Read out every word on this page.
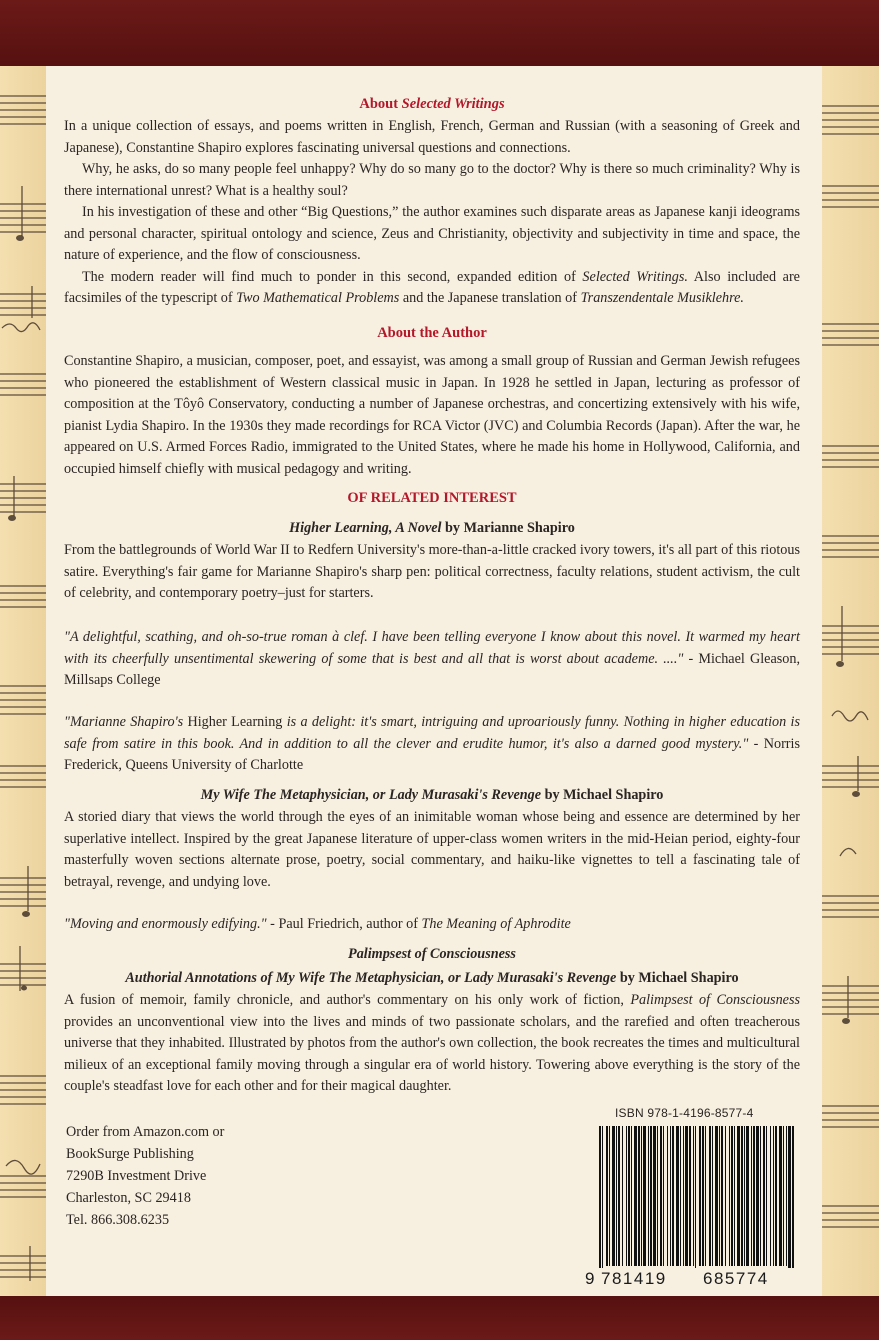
About Selected Writings

In a unique collection of essays, and poems written in English, French, German and Russian (with a seasoning of Greek and Japanese), Constantine Shapiro explores fascinating universal questions and connections.

Why, he asks, do so many people feel unhappy? Why do so many go to the doctor? Why is there so much criminality? Why is there international unrest? What is a healthy soul?

In his investigation of these and other “Big Questions,” the author examines such disparate areas as Japanese kanji ideograms and personal character, spiritual ontology and science, Zeus and Christianity, objectivity and subjectivity in time and space, the nature of experience, and the flow of consciousness.

The modern reader will find much to ponder in this second, expanded edition of Selected Writings. Also included are facsimiles of the typescript of Two Mathematical Problems and the Japanese translation of Transzendentale Musiklehre.

About the Author

Constantine Shapiro, a musician, composer, poet, and essayist, was among a small group of Russian and German Jewish refugees who pioneered the establishment of Western classical music in Japan. In 1928 he settled in Japan, lecturing as professor of composition at the Tôyô Conservatory, conducting a number of Japanese orchestras, and concertizing extensively with his wife, pianist Lydia Shapiro. In the 1930s they made recordings for RCA Victor (JVC) and Columbia Records (Japan). After the war, he appeared on U.S. Armed Forces Radio, immigrated to the United States, where he made his home in Hollywood, California, and occupied himself chiefly with musical pedagogy and writing.

OF RELATED INTEREST
Higher Learning, A Novel by Marianne Shapiro

From the battlegrounds of World War II to Redfern University's more-than-a-little cracked ivory towers, it's all part of this riotous satire. Everything's fair game for Marianne Shapiro's sharp pen: political correctness, faculty relations, student activism, the cult of celebrity, and contemporary poetry–just for starters.

"A delightful, scathing, and oh-so-true roman à clef. I have been telling everyone I know about this novel. It warmed my heart with its cheerfully unsentimental skewering of some that is best and all that is worst about academe. ...." - Michael Gleason, Millsaps College

"Marianne Shapiro's Higher Learning is a delight: it's smart, intriguing and uproariously funny. Nothing in higher education is safe from satire in this book. And in addition to all the clever and erudite humor, it's also a darned good mystery." - Norris Frederick, Queens University of Charlotte

My Wife The Metaphysician, or Lady Murasaki's Revenge by Michael Shapiro

A storied diary that views the world through the eyes of an inimitable woman whose being and essence are determined by her superlative intellect. Inspired by the great Japanese literature of upper-class women writers in the mid-Heian period, eighty-four masterfully woven sections alternate prose, poetry, social commentary, and haiku-like vignettes to tell a fascinating tale of betrayal, revenge, and undying love.

"Moving and enormously edifying." - Paul Friedrich, author of The Meaning of Aphrodite

Palimpsest of Consciousness
Authorial Annotations of My Wife The Metaphysician, or Lady Murasaki's Revenge by Michael Shapiro

A fusion of memoir, family chronicle, and author's commentary on his only work of fiction, Palimpsest of Consciousness provides an unconventional view into the lives and minds of two passionate scholars, and the rarefied and often treacherous universe that they inhabited. Illustrated by photos from the author's own collection, the book recreates the times and multicultural milieux of an exceptional family moving through a singular era of world history. Towering above everything is the story of the couple's steadfast love for each other and for their magical daughter.

Order from Amazon.com or
BookSurge Publishing
7290B Investment Drive
Charleston, SC 29418
Tel. 866.308.6235
ISBN 978-1-4196-8577-4
9 781419 685774
